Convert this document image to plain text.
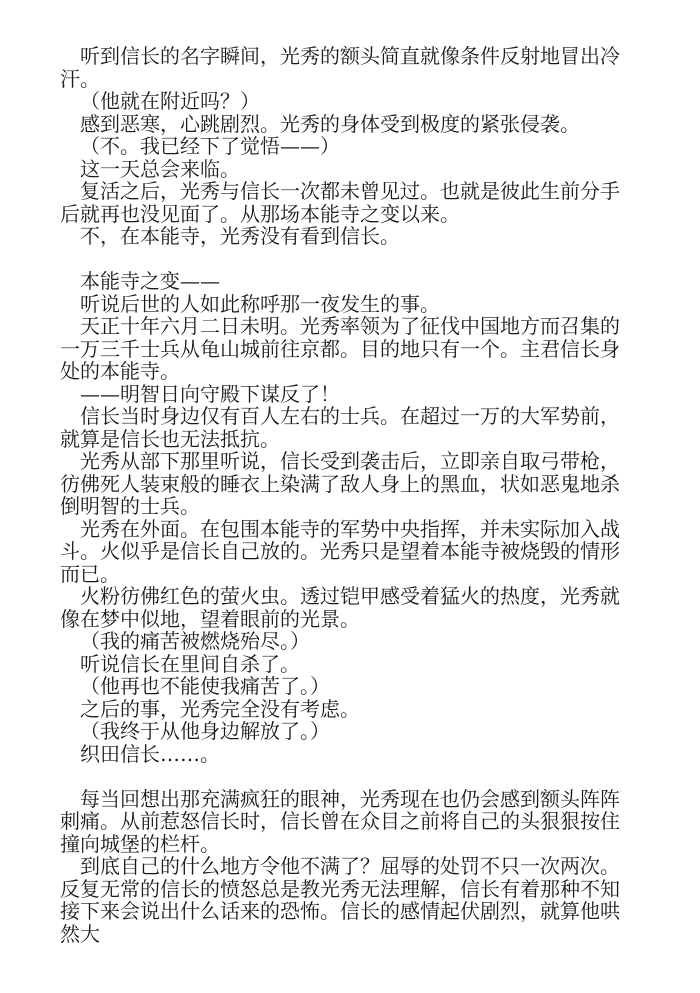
听到信长的名字瞬间，光秀的额头简直就像条件反射地冒出冷汗。

（他就在附近吗？）

感到恶寒，心跳剧烈。光秀的身体受到极度的紧张侵袭。

（不。我已经下了觉悟——）

这一天总会来临。

复活之后，光秀与信长一次都未曾见过。也就是彼此生前分手后就再也没见面了。从那场本能寺之变以来。

不，在本能寺，光秀没有看到信长。

本能寺之变——

听说后世的人如此称呼那一夜发生的事。

天正十年六月二日未明。光秀率领为了征伐中国地方而召集的一万三千士兵从龟山城前往京都。目的地只有一个。主君信长身处的本能寺。

——明智日向守殿下谋反了！

信长当时身边仅有百人左右的士兵。在超过一万的大军势前，就算是信长也无法抵抗。

光秀从部下那里听说，信长受到袭击后，立即亲自取弓带枪，彷佛死人装束般的睡衣上染满了敌人身上的黑血，状如恶鬼地杀倒明智的士兵。

光秀在外面。在包围本能寺的军势中央指挥，并未实际加入战斗。火似乎是信长自己放的。光秀只是望着本能寺被烧毁的情形而已。

火粉彷佛红色的萤火虫。透过铠甲感受着猛火的热度，光秀就像在梦中似地，望着眼前的光景。

（我的痛苦被燃烧殆尽。）

听说信长在里间自杀了。

（他再也不能使我痛苦了。）

之后的事，光秀完全没有考虑。

（我终于从他身边解放了。）

织田信长……。

每当回想出那充满疯狂的眼神，光秀现在也仍会感到额头阵阵刺痛。从前惹怒信长时，信长曾在众目之前将自己的头狠狠按住撞向城堡的栏杆。

到底自己的什么地方令他不满了？屈辱的处罚不只一次两次。反复无常的信长的愤怒总是教光秀无法理解，信长有着那种不知接下来会说出什么话来的恐怖。信长的感情起伏剧烈，就算他哄然大
